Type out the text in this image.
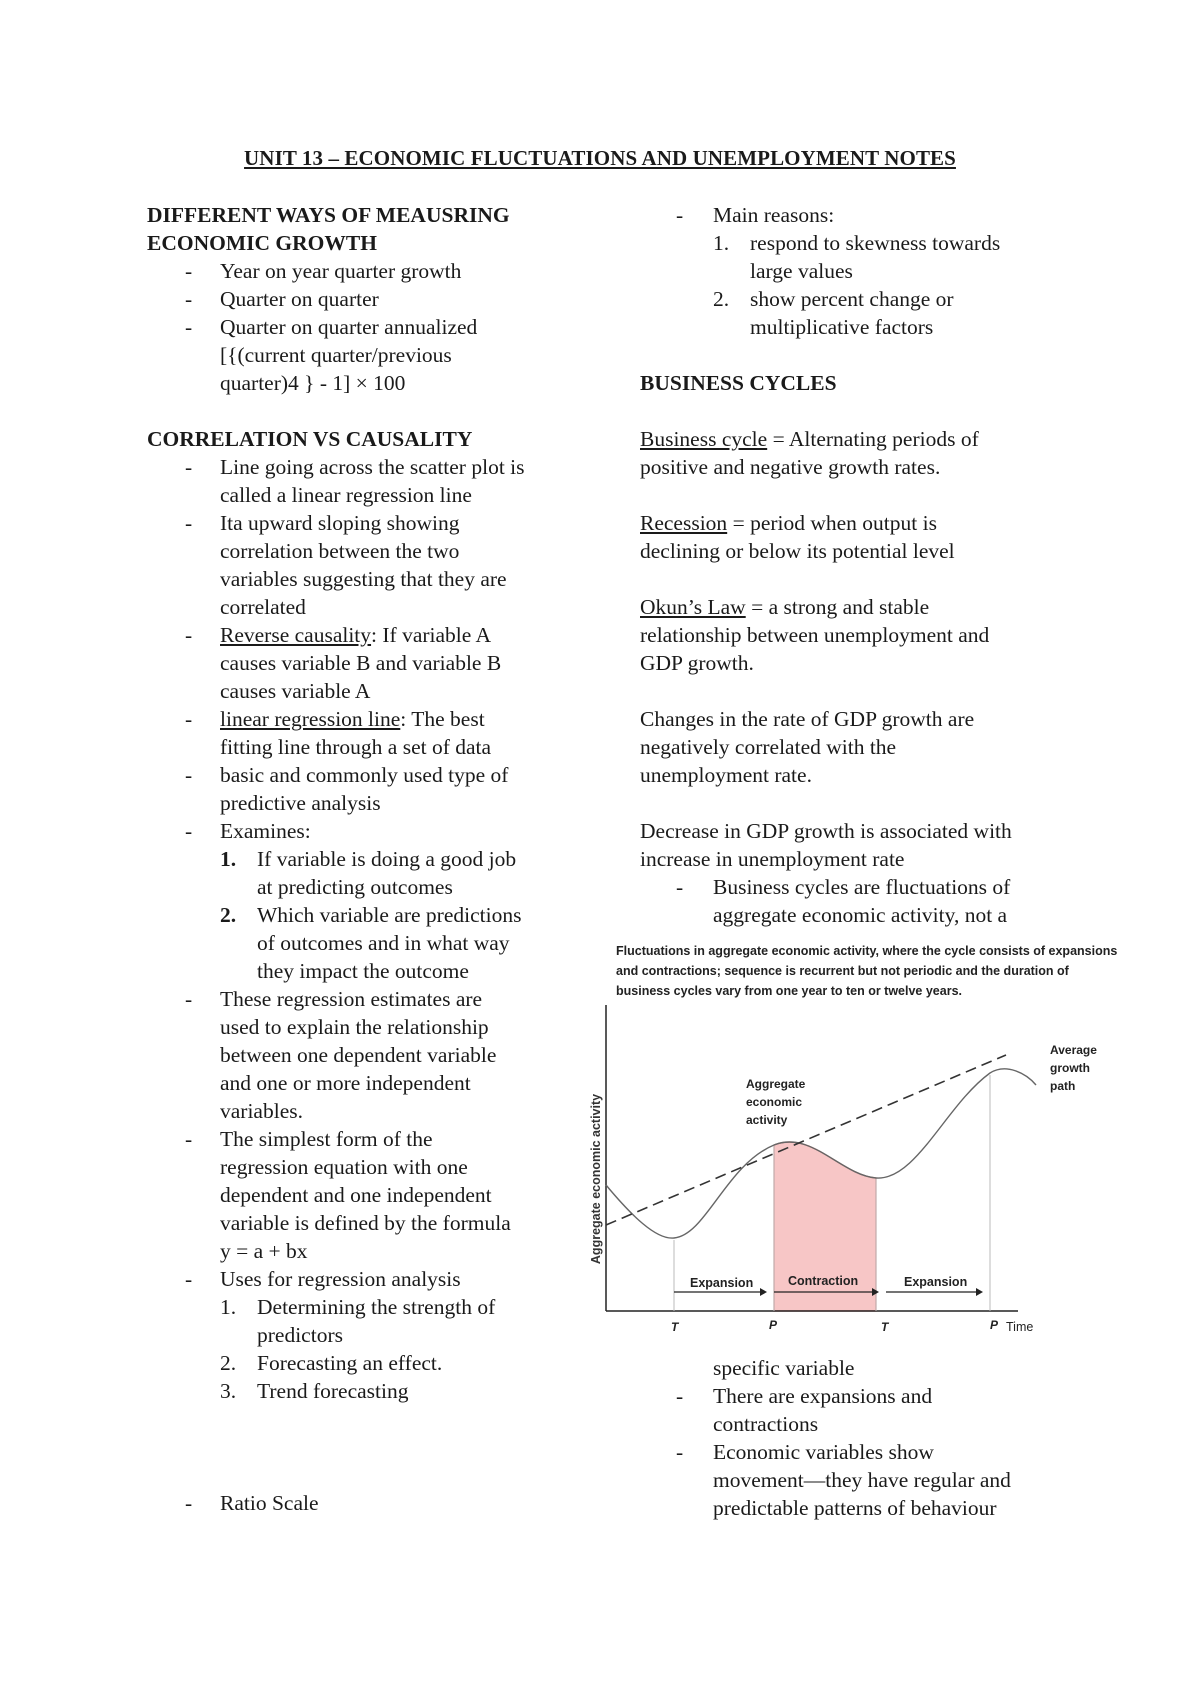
UNIT 13 – ECONOMIC FLUCTUATIONS AND UNEMPLOYMENT NOTES
DIFFERENT WAYS OF MEAUSRING
ECONOMIC GROWTH
- Year on year quarter growth
- Quarter on quarter
- Quarter on quarter annualized
[{(current quarter/previous
quarter)4 } - 1] × 100
CORRELATION VS CAUSALITY
- Line going across the scatter plot is
called a linear regression line
- Ita upward sloping showing
correlation between the two
variables suggesting that they are
correlated
- Reverse causality: If variable A
causes variable B and variable B
causes variable A
- linear regression line: The best
fitting line through a set of data
- basic and commonly used type of
predictive analysis
- Examines:
1. If variable is doing a good job
at predicting outcomes
2. Which variable are predictions
of outcomes and in what way
they impact the outcome
- These regression estimates are
used to explain the relationship
between one dependent variable
and one or more independent
variables.
- The simplest form of the
regression equation with one
dependent and one independent
variable is defined by the formula
y = a + bx
- Uses for regression analysis
1. Determining the strength of
predictors
2. Forecasting an effect.
3. Trend forecasting
- Ratio Scale
- Main reasons:
1. respond to skewness towards
large values
2. show percent change or
multiplicative factors
BUSINESS CYCLES

Business cycle = Alternating periods of
positive and negative growth rates.

Recession = period when output is
declining or below its potential level

Okun’s Law = a strong and stable
relationship between unemployment and
GDP growth.

Changes in the rate of GDP growth are
negatively correlated with the
unemployment rate.

Decrease in GDP growth is associated with
increase in unemployment rate

- Business cycles are fluctuations of
aggregate economic activity, not a
Fluctuations in aggregate economic activity, where the cycle consists of expansions
and contractions; sequence is recurrent but not periodic and the duration of
business cycles vary from one year to ten or twelve years.
Aggregate economic activity
Average
growth
path
Aggregate
economic
activity
Expansion	Contraction	Expansion
T	P	T	P Time
specific variable
- There are expansions and
contractions
- Economic variables show
movement—they have regular and
predictable patterns of behaviour
